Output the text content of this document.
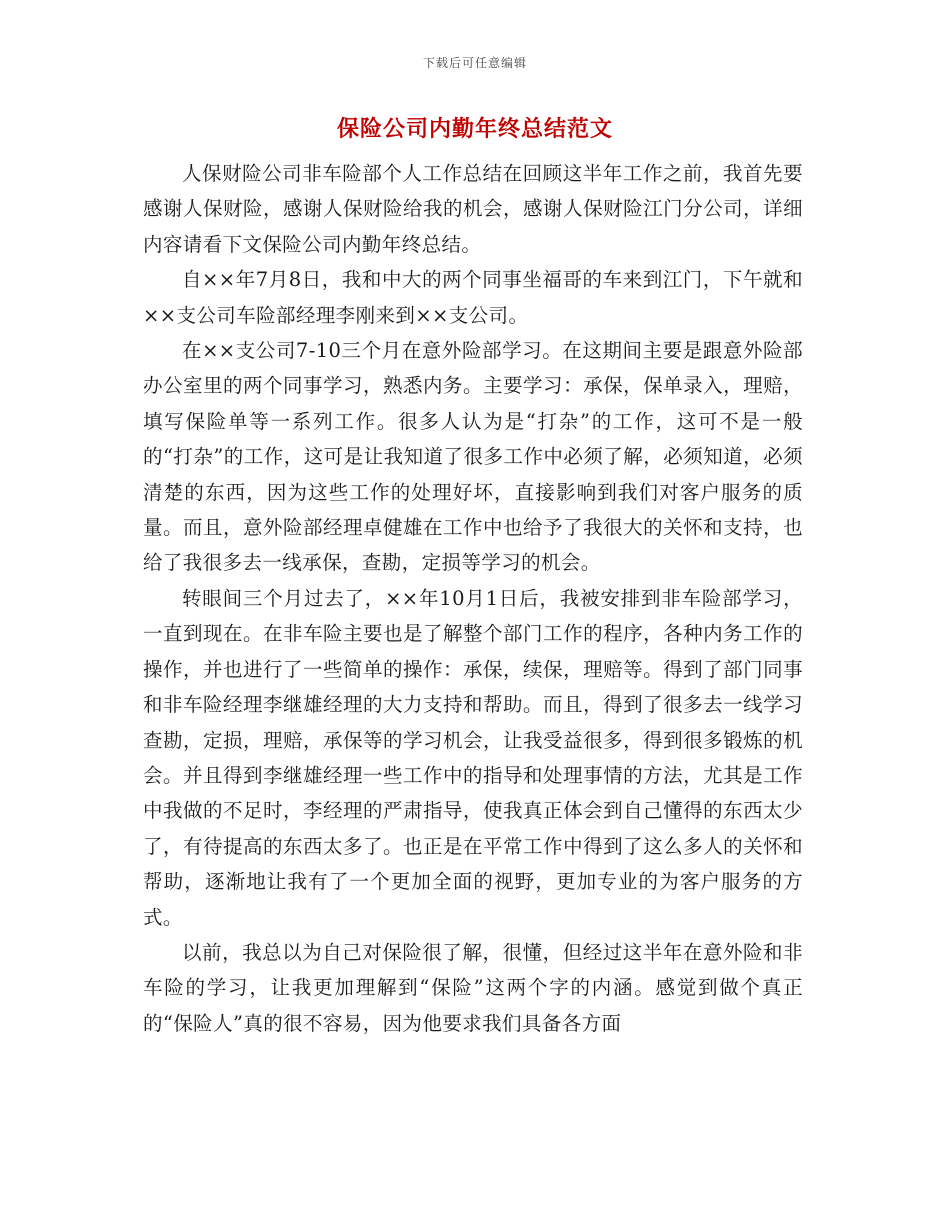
下载后可任意编辑
保险公司内勤年终总结范文

人保财险公司非车险部个人工作总结在回顾这半年工作之前，我首先要感谢人保财险，感谢人保财险给我的机会，感谢人保财险江门分公司，详细内容请看下文保险公司内勤年终总结。

自××年7月8日，我和中大的两个同事坐福哥的车来到江门，下午就和××支公司车险部经理李刚来到××支公司。

在××支公司7-10三个月在意外险部学习。在这期间主要是跟意外险部办公室里的两个同事学习，熟悉内务。主要学习：承保，保单录入，理赔，填写保险单等一系列工作。很多人认为是“打杂”的工作，这可不是一般的“打杂”的工作，这可是让我知道了很多工作中必须了解，必须知道，必须清楚的东西，因为这些工作的处理好坏，直接影响到我们对客户服务的质量。而且，意外险部经理卓健雄在工作中也给予了我很大的关怀和支持，也给了我很多去一线承保，查勘，定损等学习的机会。

转眼间三个月过去了，××年10月1日后，我被安排到非车险部学习，一直到现在。在非车险主要也是了解整个部门工作的程序，各种内务工作的操作，并也进行了一些简单的操作：承保，续保，理赔等。得到了部门同事和非车险经理李继雄经理的大力支持和帮助。而且，得到了很多去一线学习查勘，定损，理赔，承保等的学习机会，让我受益很多，得到很多锻炼的机会。并且得到李继雄经理一些工作中的指导和处理事情的方法，尤其是工作中我做的不足时，李经理的严肃指导，使我真正体会到自己懂得的东西太少了，有待提高的东西太多了。也正是在平常工作中得到了这么多人的关怀和帮助，逐渐地让我有了一个更加全面的视野，更加专业的为客户服务的方式。

以前，我总以为自己对保险很了解，很懂，但经过这半年在意外险和非车险的学习，让我更加理解到“保险”这两个字的内涵。感觉到做个真正的“保险人”真的很不容易，因为他要求我们具备各方面
